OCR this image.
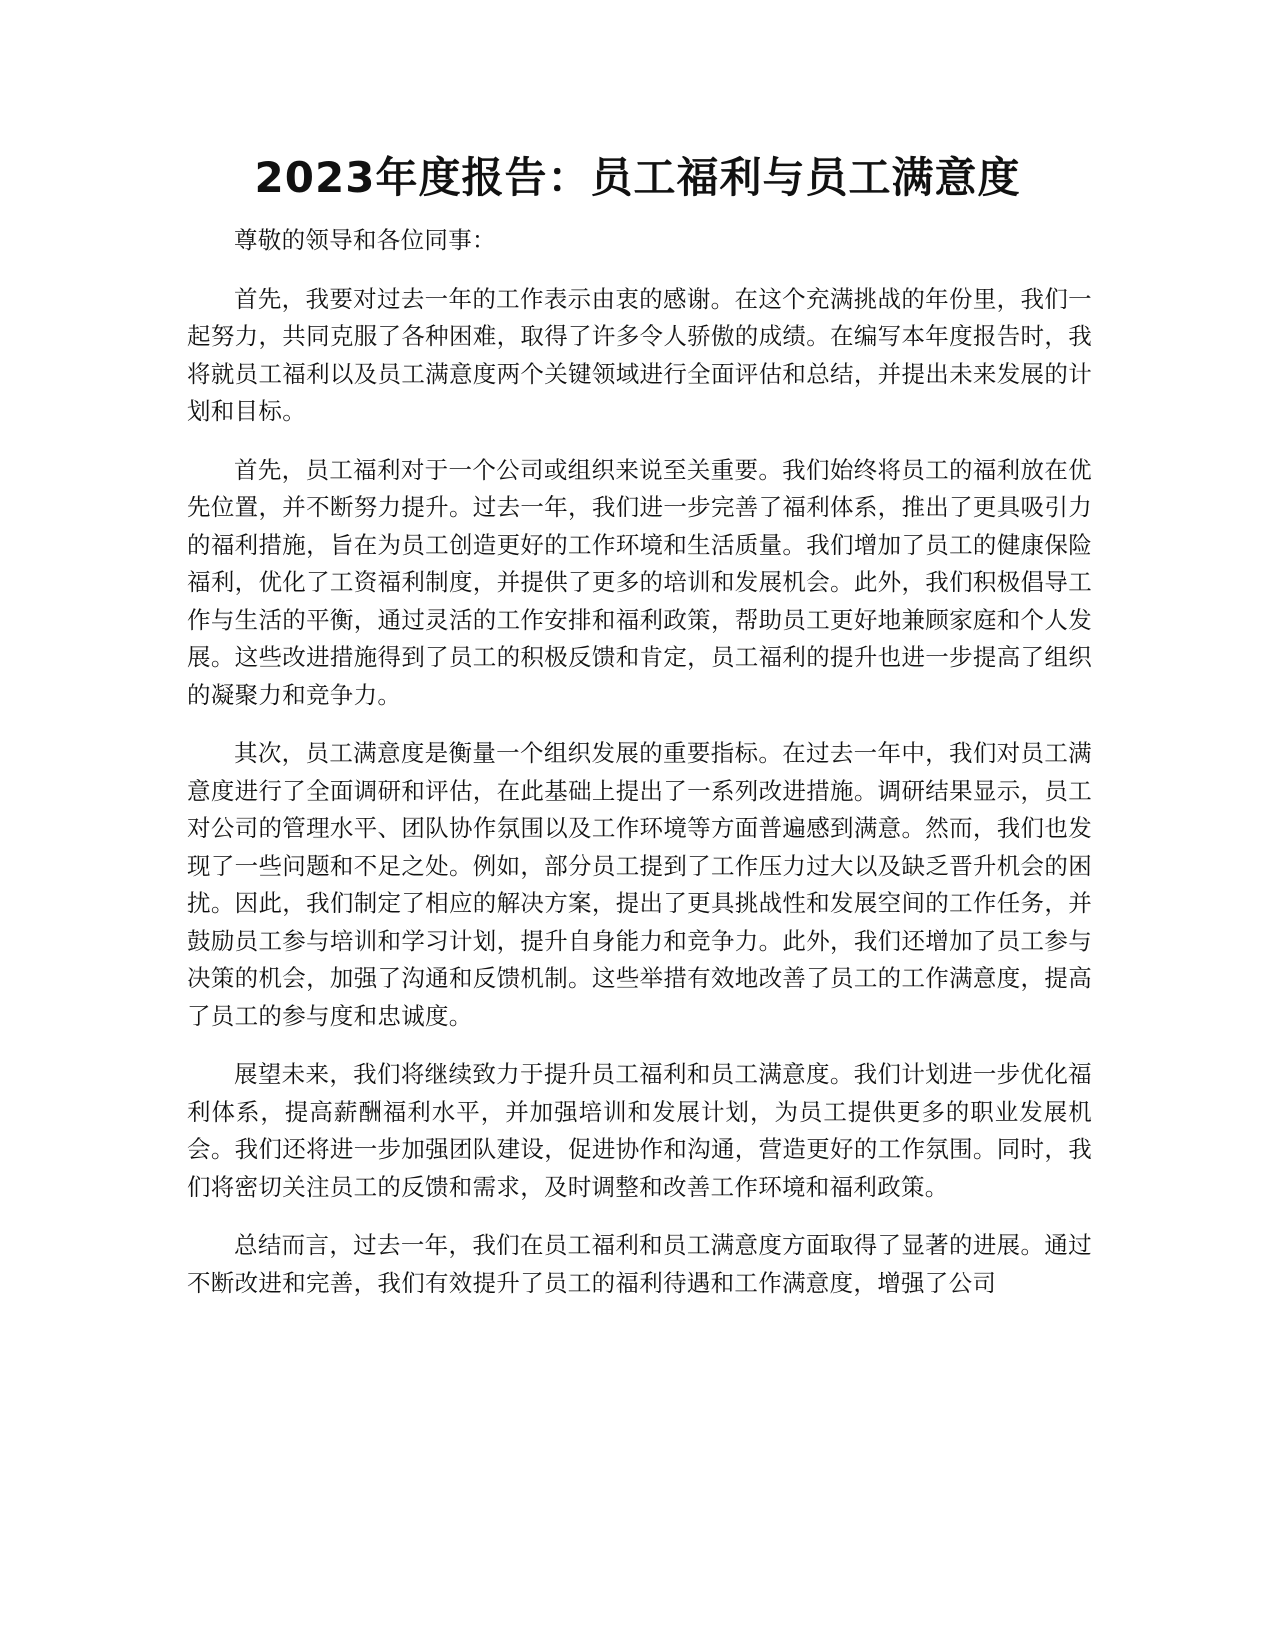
2023年度报告：员工福利与员工满意度

尊敬的领导和各位同事：

首先，我要对过去一年的工作表示由衷的感谢。在这个充满挑战的年份里，我们一起努力，共同克服了各种困难，取得了许多令人骄傲的成绩。在编写本年度报告时，我将就员工福利以及员工满意度两个关键领域进行全面评估和总结，并提出未来发展的计划和目标。

首先，员工福利对于一个公司或组织来说至关重要。我们始终将员工的福利放在优先位置，并不断努力提升。过去一年，我们进一步完善了福利体系，推出了更具吸引力的福利措施，旨在为员工创造更好的工作环境和生活质量。我们增加了员工的健康保险福利，优化了工资福利制度，并提供了更多的培训和发展机会。此外，我们积极倡导工作与生活的平衡，通过灵活的工作安排和福利政策，帮助员工更好地兼顾家庭和个人发展。这些改进措施得到了员工的积极反馈和肯定，员工福利的提升也进一步提高了组织的凝聚力和竞争力。

其次，员工满意度是衡量一个组织发展的重要指标。在过去一年中，我们对员工满意度进行了全面调研和评估，在此基础上提出了一系列改进措施。调研结果显示，员工对公司的管理水平、团队协作氛围以及工作环境等方面普遍感到满意。然而，我们也发现了一些问题和不足之处。例如，部分员工提到了工作压力过大以及缺乏晋升机会的困扰。因此，我们制定了相应的解决方案，提出了更具挑战性和发展空间的工作任务，并鼓励员工参与培训和学习计划，提升自身能力和竞争力。此外，我们还增加了员工参与决策的机会，加强了沟通和反馈机制。这些举措有效地改善了员工的工作满意度，提高了员工的参与度和忠诚度。

展望未来，我们将继续致力于提升员工福利和员工满意度。我们计划进一步优化福利体系，提高薪酬福利水平，并加强培训和发展计划，为员工提供更多的职业发展机会。我们还将进一步加强团队建设，促进协作和沟通，营造更好的工作氛围。同时，我们将密切关注员工的反馈和需求，及时调整和改善工作环境和福利政策。

总结而言，过去一年，我们在员工福利和员工满意度方面取得了显著的进展。通过不断改进和完善，我们有效提升了员工的福利待遇和工作满意度，增强了公司
